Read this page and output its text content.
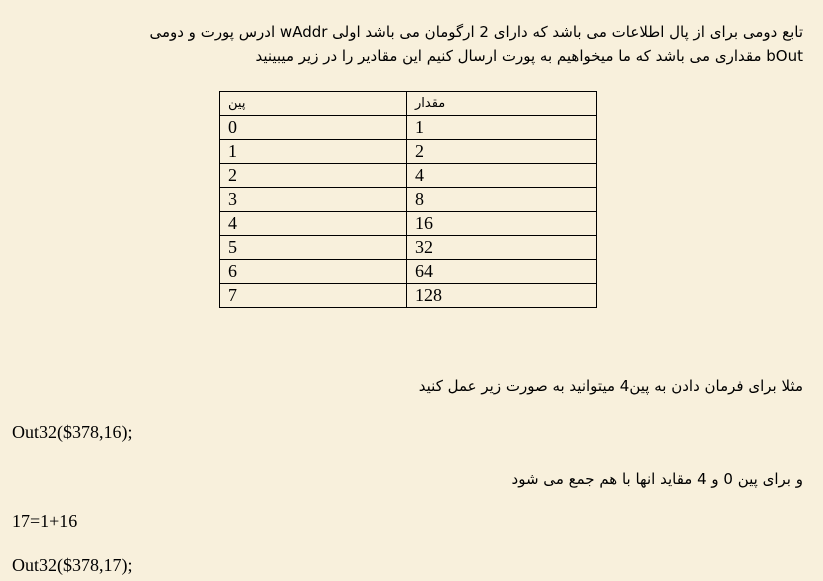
تابع دومی برای از پال اطلاعات می باشد که دارای 2 ارگومان می باشد اولی wAddr ادرس پورت و دومی
bOut مقداری می باشد که ما میخواهیم به پورت ارسال کنیم این مقادیر را در زیر میبینید
پین	مقدار
0	1
1	2
2	4
3	8
4	16
5	32
6	64
7	128
مثلا برای فرمان دادن به پین4 میتوانید به صورت زیر عمل کنید
Out32($378,16);
و برای پین 0 و 4 مقاید انها با هم جمع می شود
17=1+16
Out32($378,17);
